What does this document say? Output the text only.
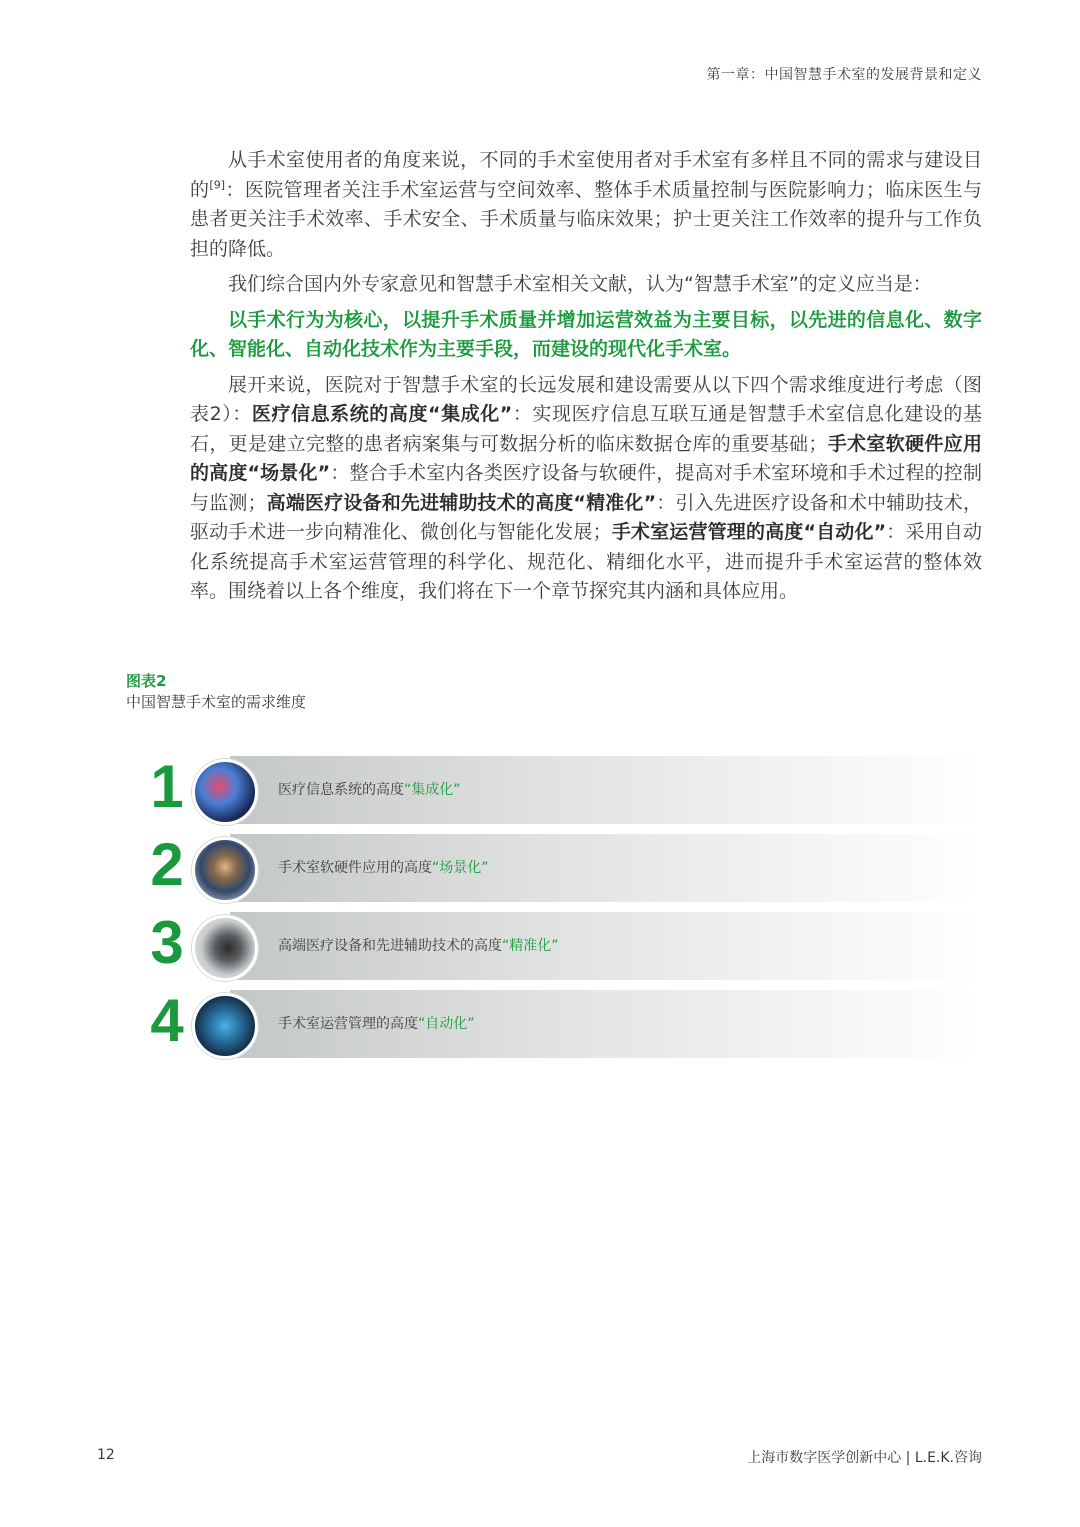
第一章：中国智慧手术室的发展背景和定义

从手术室使用者的角度来说，不同的手术室使用者对手术室有多样且不同的需求与建设目的[9]：医院管理者关注手术室运营与空间效率、整体手术质量控制与医院影响力；临床医生与患者更关注手术效率、手术安全、手术质量与临床效果；护士更关注工作效率的提升与工作负担的降低。

我们综合国内外专家意见和智慧手术室相关文献，认为“智慧手术室”的定义应当是：

以手术行为为核心，以提升手术质量并增加运营效益为主要目标，以先进的信息化、数字化、智能化、自动化技术作为主要手段，而建设的现代化手术室。

展开来说，医院对于智慧手术室的长远发展和建设需要从以下四个需求维度进行考虑（图表2）：医疗信息系统的高度“集成化”：实现医疗信息互联互通是智慧手术室信息化建设的基石，更是建立完整的患者病案集与可数据分析的临床数据仓库的重要基础；手术室软硬件应用的高度“场景化”：整合手术室内各类医疗设备与软硬件，提高对手术室环境和手术过程的控制与监测；高端医疗设备和先进辅助技术的高度“精准化”：引入先进医疗设备和术中辅助技术，驱动手术进一步向精准化、微创化与智能化发展；手术室运营管理的高度“自动化”：采用自动化系统提高手术室运营管理的科学化、规范化、精细化水平，进而提升手术室运营的整体效率。围绕着以上各个维度，我们将在下一个章节探究其内涵和具体应用。

图表2
中国智慧手术室的需求维度
1	医疗信息系统的高度“集成化”
2	手术室软硬件应用的高度“场景化”
3	高端医疗设备和先进辅助技术的高度“精准化”
4	手术室运营管理的高度“自动化”
12	上海市数字医学创新中心 | L.E.K.咨询
